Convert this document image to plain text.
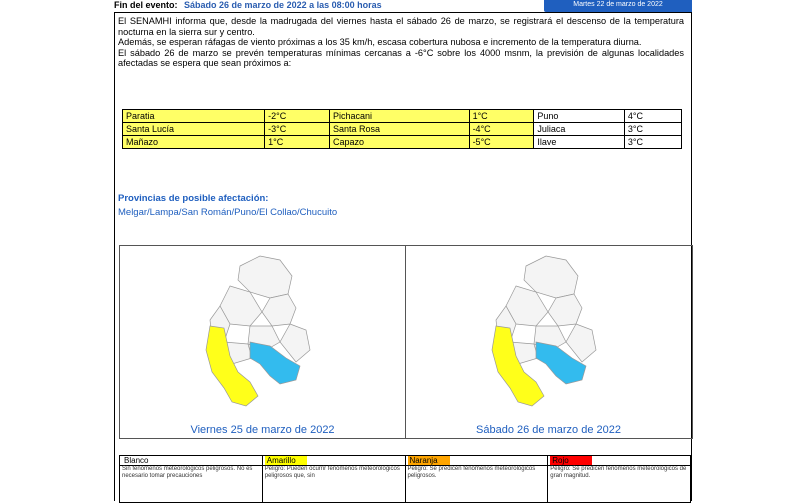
Fin del evento: Sábado 26 de marzo de 2022 a las 08:00 horas	Martes 22 de marzo de 2022

El SENAMHI informa que, desde la madrugada del viernes hasta el sábado 26 de marzo, se registrará el descenso de la temperatura nocturna en la sierra sur y centro.

Además, se esperan ráfagas de viento próximas a los 35 km/h, escasa cobertura nubosa e incremento de la temperatura diurna.

El sábado 26 de marzo se prevén temperaturas mínimas cercanas a -6°C sobre los 4000 msnm, la previsión de algunas localidades afectadas se espera que sean próximos a:

Paratia	-2°C	Pichacani	1°C	Puno	4°C
Santa Lucía	-3°C	Santa Rosa	-4°C	Juliaca	3°C
Mañazo	1°C	Capazo	-5°C	Ilave	3°C
Provincias de posible afectación:
Melgar/Lampa/San Román/Puno/El Collao/Chucuito
Viernes 25 de marzo de 2022	Sábado 26 de marzo de 2022
Blanco	Amarillo	Naranja	Rojo
Sin fenómenos meteorológicos peligrosos. No es necesario tomar precauciones	Peligro: Pueden ocurrir fenómenos meteorológicos peligrosos que, sin	Peligro: Se predicen fenómenos meteorológicos peligrosos.	Peligro: Se predicen fenómenos meteorológicos de gran magnitud.
